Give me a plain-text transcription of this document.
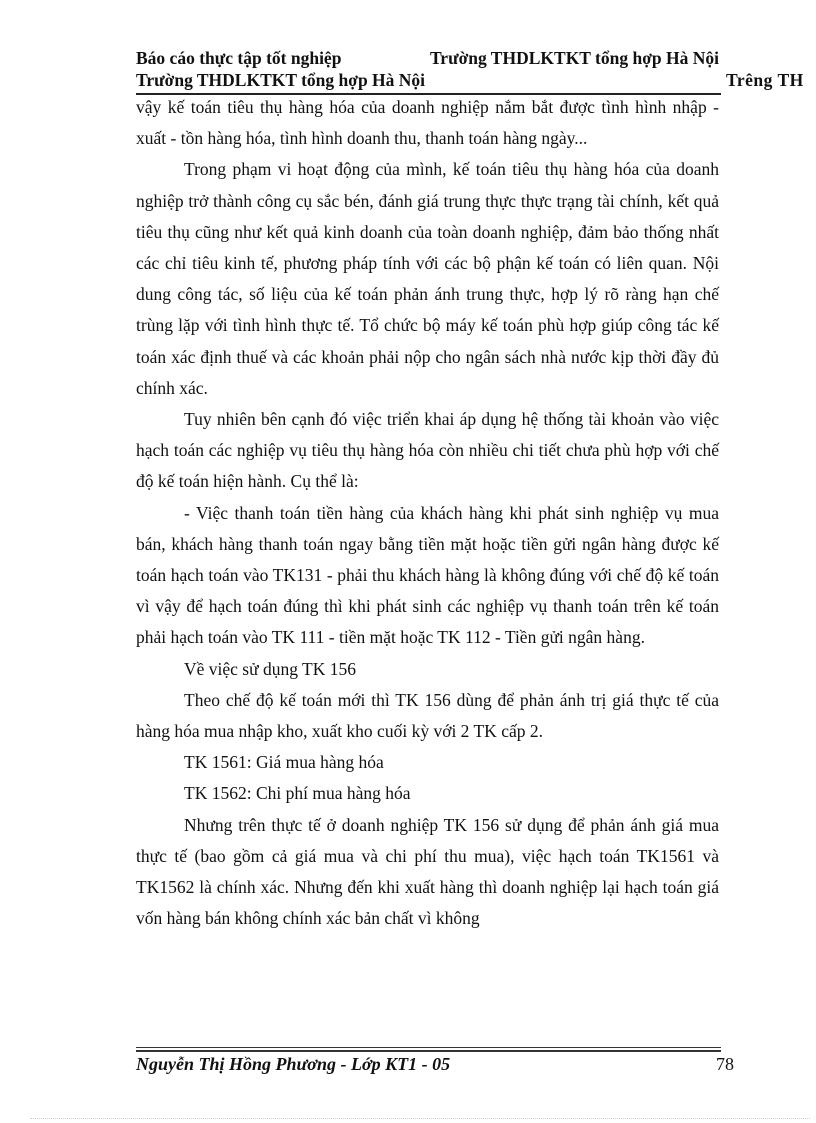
Báo cáo thực tập tốt nghiệp	Trường THDLKTKT tổng hợp Hà Nội
Trường THDLKTKT tổng hợp Hà Nội	Trêng TH

vậy kế toán tiêu thụ hàng hóa của doanh nghiệp nắm bắt được tình hình nhập - xuất - tồn hàng hóa, tình hình doanh thu, thanh toán hàng ngày...

Trong phạm vi hoạt động của mình, kế toán tiêu thụ hàng hóa của doanh nghiệp trở thành công cụ sắc bén, đánh giá trung thực thực trạng tài chính, kết quả tiêu thụ cũng như kết quả kinh doanh của toàn doanh nghiệp, đảm bảo thống nhất các chỉ tiêu kinh tế, phương pháp tính với các bộ phận kế toán có liên quan. Nội dung công tác, số liệu của kế toán phản ánh trung thực, hợp lý rõ ràng hạn chế trùng lặp với tình hình thực tế. Tổ chức bộ máy kế toán phù hợp giúp công tác kế toán xác định thuế và các khoản phải nộp cho ngân sách nhà nước kịp thời đầy đủ chính xác.

Tuy nhiên bên cạnh đó việc triển khai áp dụng hệ thống tài khoản vào việc hạch toán các nghiệp vụ tiêu thụ hàng hóa còn nhiều chi tiết chưa phù hợp với chế độ kế toán hiện hành. Cụ thể là:

- Việc thanh toán tiền hàng của khách hàng khi phát sinh nghiệp vụ mua bán, khách hàng thanh toán ngay bằng tiền mặt hoặc tiền gửi ngân hàng được kế toán hạch toán vào TK131 - phải thu khách hàng là không đúng với chế độ kế toán vì vậy để hạch toán đúng thì khi phát sinh các nghiệp vụ thanh toán trên kế toán phải hạch toán vào TK 111 - tiền mặt hoặc TK 112 - Tiền gửi ngân hàng.

Về việc sử dụng TK 156

Theo chế độ kế toán mới thì TK 156 dùng để phản ánh trị giá thực tế của hàng hóa mua nhập kho, xuất kho cuối kỳ với 2 TK cấp 2.

TK 1561: Giá mua hàng hóa

TK 1562: Chi phí mua hàng hóa

Nhưng trên thực tế ở doanh nghiệp TK 156 sử dụng để phản ánh giá mua thực tế (bao gồm cả giá mua và chi phí thu mua), việc hạch toán TK1561 và TK1562 là chính xác. Nhưng đến khi xuất hàng thì doanh nghiệp lại hạch toán giá vốn hàng bán không chính xác bản chất vì không

Nguyễn Thị Hồng Phương - Lớp KT1 - 05	78
